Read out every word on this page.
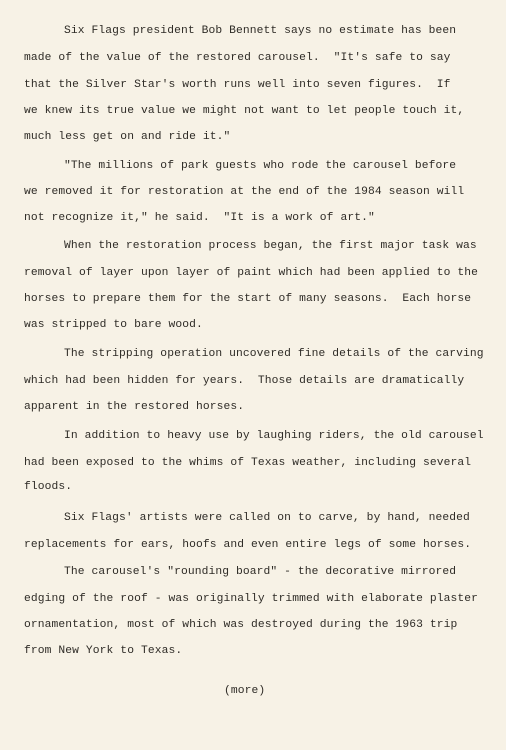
Six Flags president Bob Bennett says no estimate has been
made of the value of the restored carousel.  "It's safe to say
that the Silver Star's worth runs well into seven figures.  If
we knew its true value we might not want to let people touch it,
much less get on and ride it."
"The millions of park guests who rode the carousel before
we removed it for restoration at the end of the 1984 season will
not recognize it," he said.  "It is a work of art."
When the restoration process began, the first major task was
removal of layer upon layer of paint which had been applied to the
horses to prepare them for the start of many seasons.  Each horse
was stripped to bare wood.
The stripping operation uncovered fine details of the carving
which had been hidden for years.  Those details are dramatically
apparent in the restored horses.
In addition to heavy use by laughing riders, the old carousel
had been exposed to the whims of Texas weather, including several
floods.
Six Flags' artists were called on to carve, by hand, needed
replacements for ears, hoofs and even entire legs of some horses.
The carousel's "rounding board" - the decorative mirrored
edging of the roof - was originally trimmed with elaborate plaster
ornamentation, most of which was destroyed during the 1963 trip
from New York to Texas.
(more)
